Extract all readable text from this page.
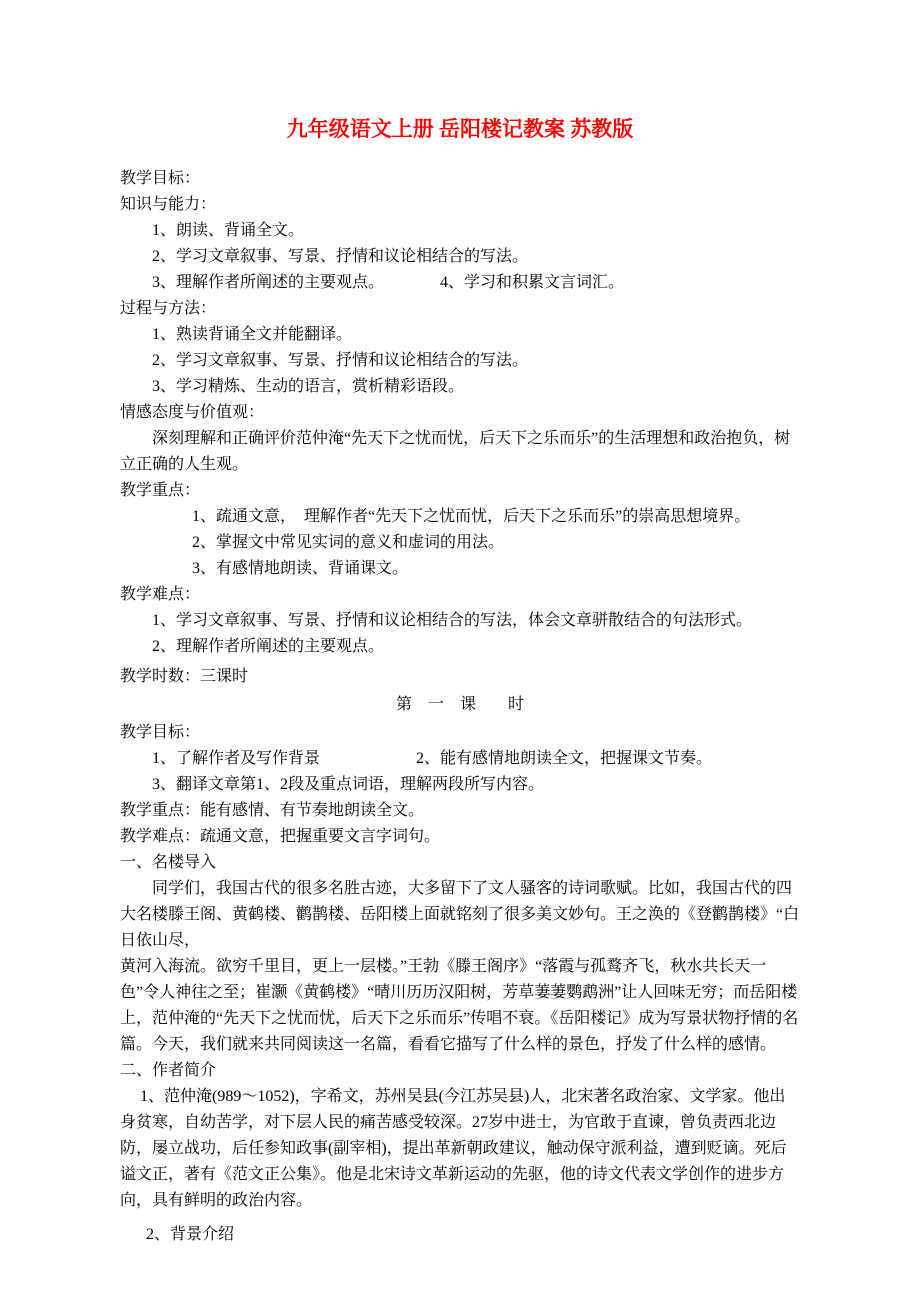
九年级语文上册 岳阳楼记教案 苏教版
教学目标：
知识与能力：
1、朗读、背诵全文。
2、学习文章叙事、写景、抒情和议论相结合的写法。
3、理解作者所阐述的主要观点。　　　　4、学习和积累文言词汇。
过程与方法：
1、熟读背诵全文并能翻译。
2、学习文章叙事、写景、抒情和议论相结合的写法。
3、学习精炼、生动的语言，赏析精彩语段。
情感态度与价值观：
深刻理解和正确评价范仲淹“先天下之忧而忧，后天下之乐而乐”的生活理想和政治抱负，树立正确的人生观。
教学重点：
1、疏通文意，　理解作者“先天下之忧而忧，后天下之乐而乐”的崇高思想境界。
2、掌握文中常见实词的意义和虚词的用法。
3、有感情地朗读、背诵课文。
教学难点：
1、学习文章叙事、写景、抒情和议论相结合的写法，体会文章骈散结合的句法形式。
2、理解作者所阐述的主要观点。
教学时数：三课时
第　一　课　　时
教学目标：
1、了解作者及写作背景　　　　　　2、能有感情地朗读全文，把握课文节奏。
3、翻译文章第1、2段及重点词语，理解两段所写内容。
教学重点：能有感情、有节奏地朗读全文。
教学难点：疏通文意，把握重要文言字词句。
一、名楼导入
同学们，我国古代的很多名胜古迹，大多留下了文人骚客的诗词歌赋。比如，我国古代的四大名楼滕王阁、黄鹤楼、鹳鹊楼、岳阳楼上面就铭刻了很多美文妙句。王之涣的《登鹳鹊楼》“白日依山尽，
黄河入海流。欲穷千里目，更上一层楼。”王勃《滕王阁序》“落霞与孤鹜齐飞，秋水共长天一色”令人神往之至；崔灏《黄鹤楼》“晴川历历汉阳树，芳草萋萋鹦鹉洲”让人回味无穷；而岳阳楼上，范仲淹的“先天下之忧而忧，后天下之乐而乐”传唱不衰。《岳阳楼记》成为写景状物抒情的名篇。今天，我们就来共同阅读这一名篇，看看它描写了什么样的景色，抒发了什么样的感情。
二、作者简介
1、范仲淹(989～1052)，字希文，苏州吴县(今江苏吴县)人，北宋著名政治家、文学家。他出身贫寒，自幼苦学，对下层人民的痛苦感受较深。27岁中进士，为官敢于直谏，曾负责西北边防，屡立战功，后任参知政事(副宰相)，提出革新朝政建议，触动保守派利益，遭到贬谪。死后谥文正，著有《范文正公集》。他是北宋诗文革新运动的先驱，他的诗文代表文学创作的进步方向，具有鲜明的政治内容。
2、背景介绍
